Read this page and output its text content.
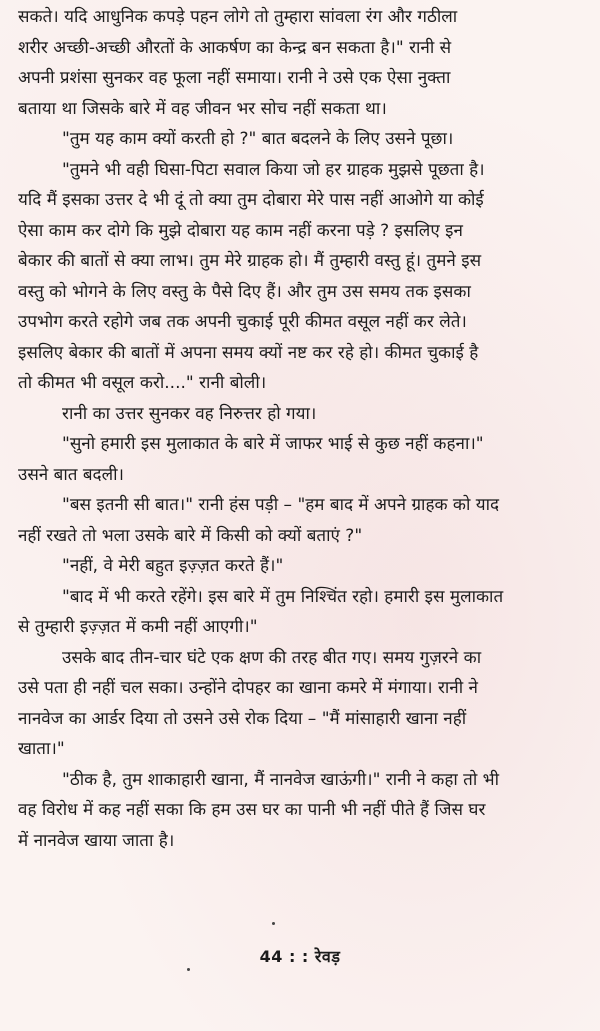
सकते। यदि आधुनिक कपड़े पहन लोगे तो तुम्हारा सांवला रंग और गठीला
शरीर अच्छी-अच्छी औरतों के आकर्षण का केन्द्र बन सकता है।" रानी से
अपनी प्रशंसा सुनकर वह फूला नहीं समाया। रानी ने उसे एक ऐसा नुक्ता
बताया था जिसके बारे में वह जीवन भर सोच नहीं सकता था।
"तुम यह काम क्यों करती हो ?" बात बदलने के लिए उसने पूछा।
"तुमने भी वही घिसा-पिटा सवाल किया जो हर ग्राहक मुझसे पूछता है।
यदि मैं इसका उत्तर दे भी दूं तो क्या तुम दोबारा मेरे पास नहीं आओगे या कोई
ऐसा काम कर दोगे कि मुझे दोबारा यह काम नहीं करना पड़े ? इसलिए इन
बेकार की बातों से क्या लाभ। तुम मेरे ग्राहक हो। मैं तुम्हारी वस्तु हूं। तुमने इस
वस्तु को भोगने के लिए वस्तु के पैसे दिए हैं। और तुम उस समय तक इसका
उपभोग करते रहोगे जब तक अपनी चुकाई पूरी कीमत वसूल नहीं कर लेते।
इसलिए बेकार की बातों में अपना समय क्यों नष्ट कर रहे हो। कीमत चुकाई है
तो कीमत भी वसूल करो...." रानी बोली।
रानी का उत्तर सुनकर वह निरुत्तर हो गया।
"सुनो हमारी इस मुलाकात के बारे में जाफर भाई से कुछ नहीं कहना।"
उसने बात बदली।
"बस इतनी सी बात।" रानी हंस पड़ी – "हम बाद में अपने ग्राहक को याद
नहीं रखते तो भला उसके बारे में किसी को क्यों बताएं ?"
"नहीं, वे मेरी बहुत इज़्ज़त करते हैं।"
"बाद में भी करते रहेंगे। इस बारे में तुम निश्चिंत रहो। हमारी इस मुलाकात
से तुम्हारी इज़्ज़त में कमी नहीं आएगी।"
उसके बाद तीन-चार घंटे एक क्षण की तरह बीत गए। समय गुज़रने का
उसे पता ही नहीं चल सका। उन्होंने दोपहर का खाना कमरे में मंगाया। रानी ने
नानवेज का आर्डर दिया तो उसने उसे रोक दिया – "मैं मांसाहारी खाना नहीं
खाता।"
"ठीक है, तुम शाकाहारी खाना, मैं नानवेज खाऊंगी।" रानी ने कहा तो भी
वह विरोध में कह नहीं सका कि हम उस घर का पानी भी नहीं पीते हैं जिस घर
में नानवेज खाया जाता है।
44 : : रेवड़
